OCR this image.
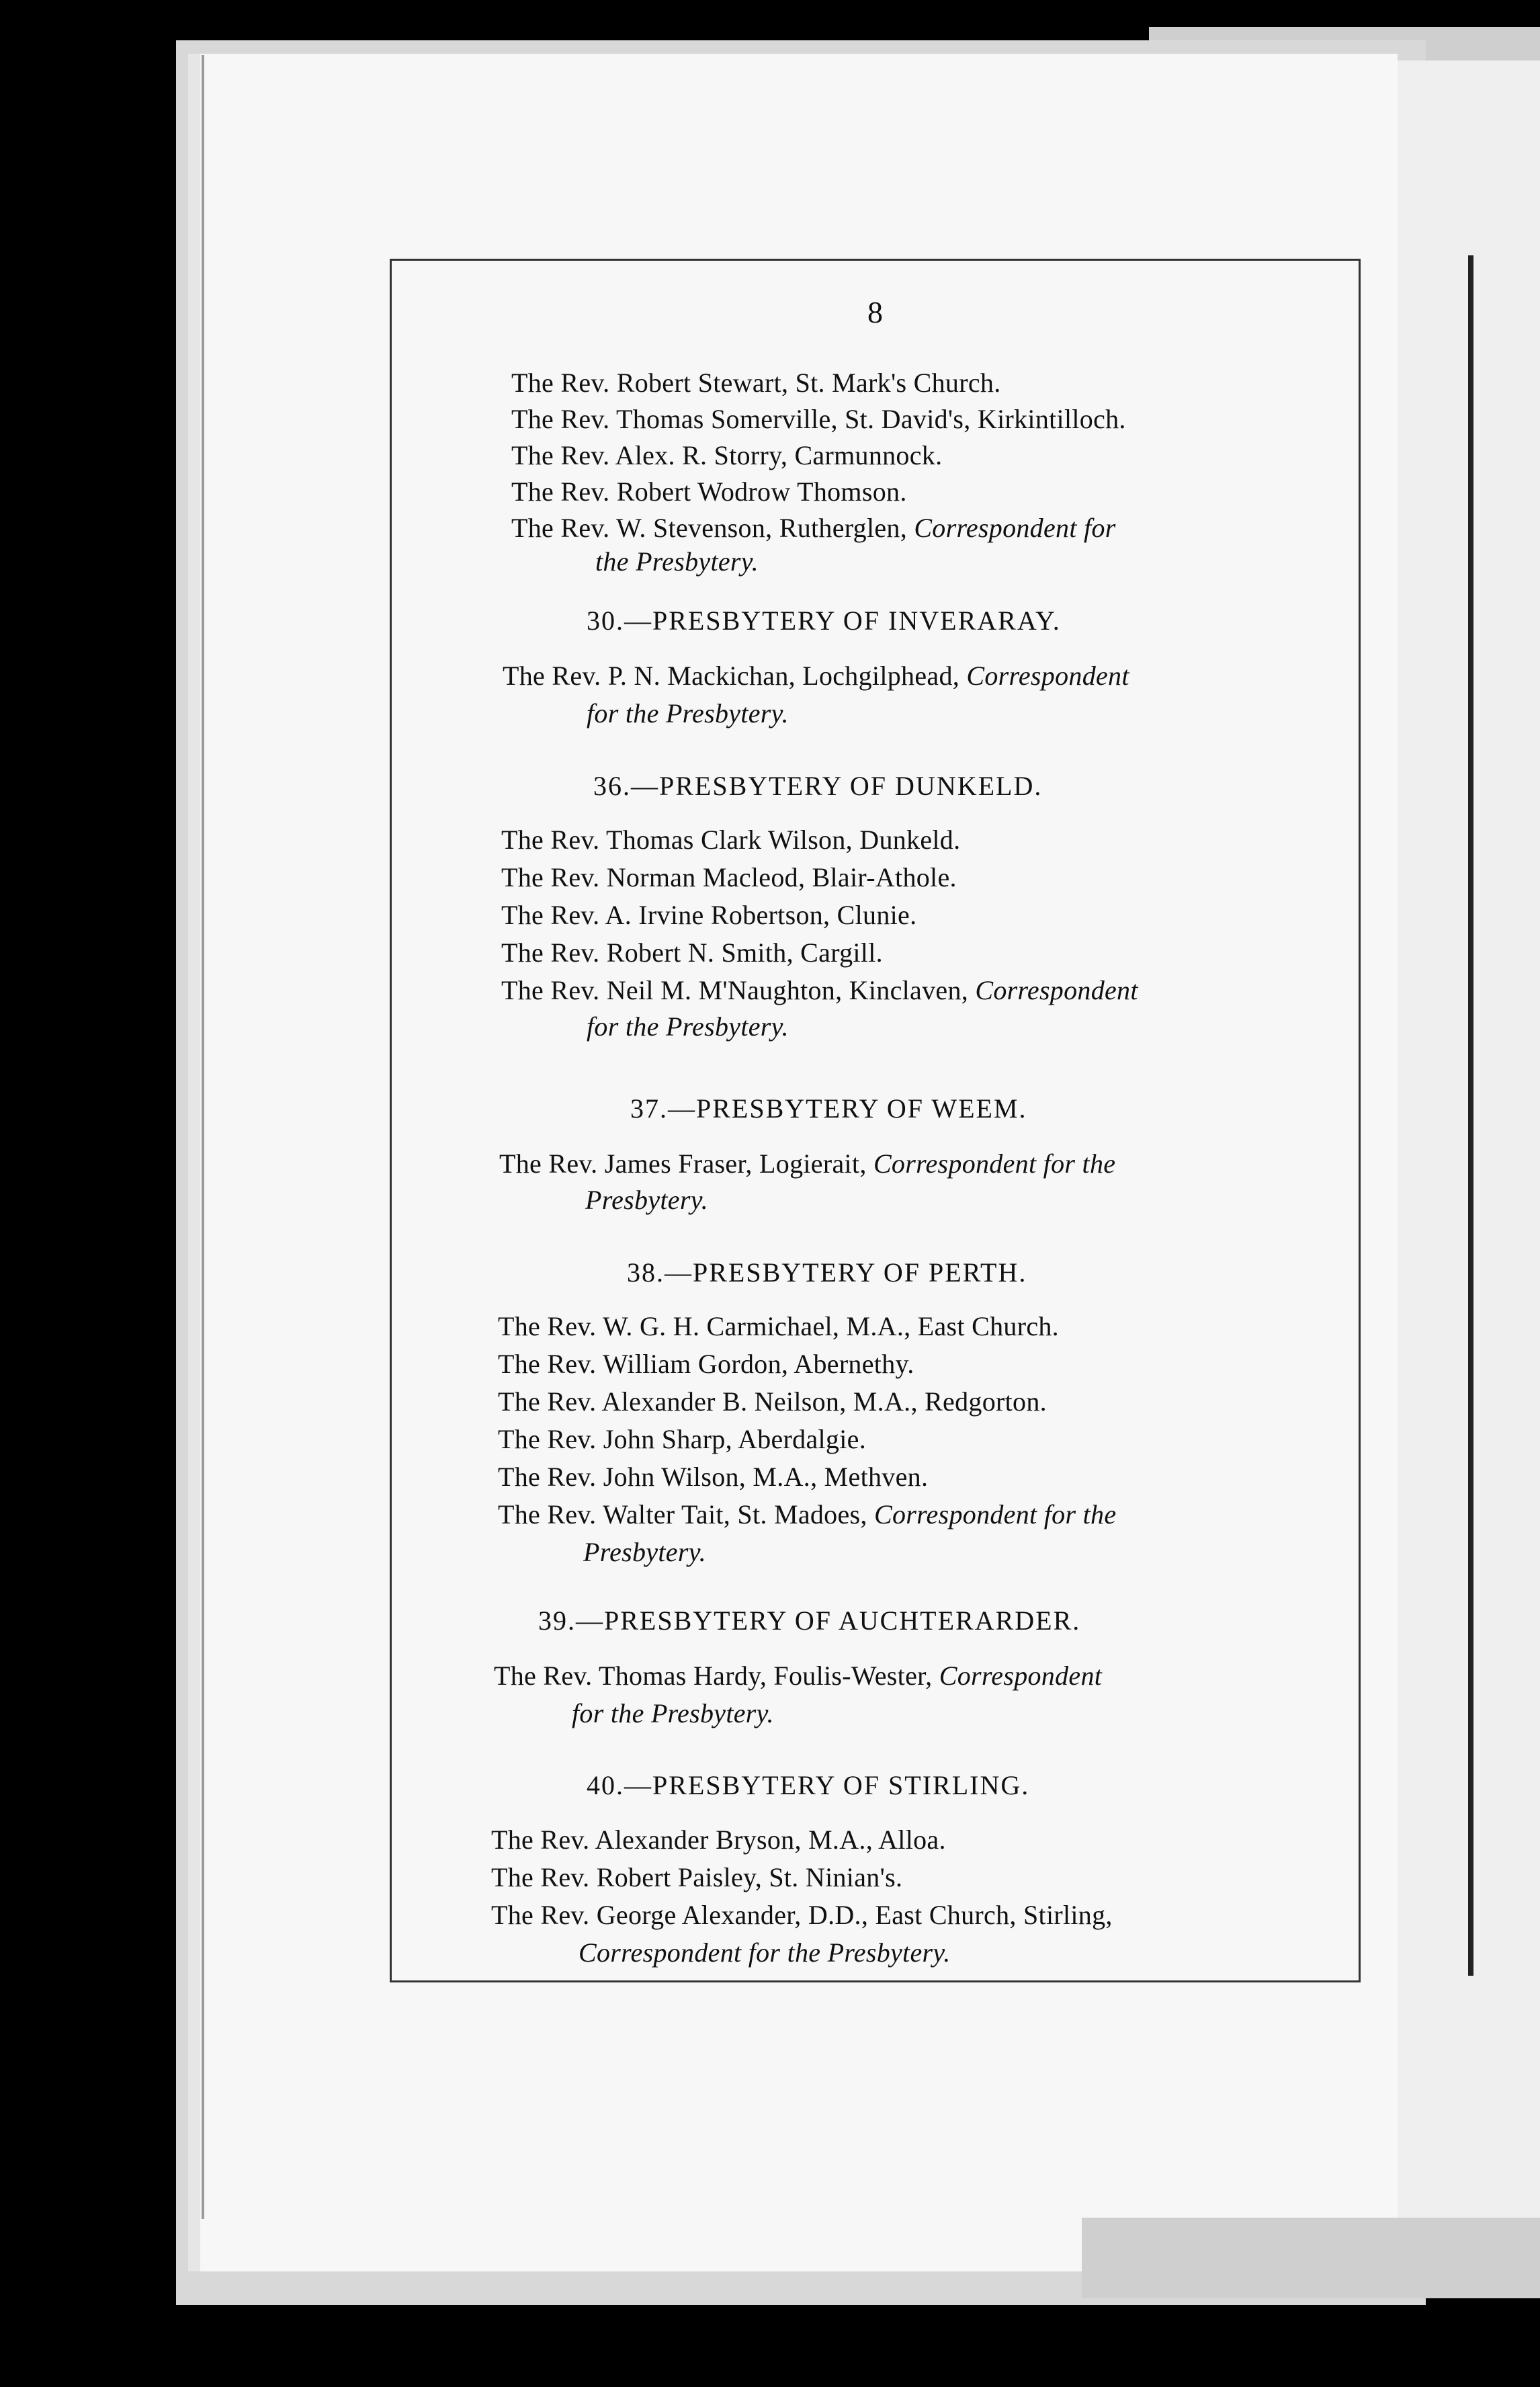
8
The Rev. Robert Stewart, St. Mark's Church.
The Rev. Thomas Somerville, St. David's, Kirkintilloch.
The Rev. Alex. R. Storry, Carmunnock.
The Rev. Robert Wodrow Thomson.
The Rev. W. Stevenson, Rutherglen, Correspondent for
the Presbytery.
30.—PRESBYTERY OF INVERARAY.
The Rev. P. N. Mackichan, Lochgilphead, Correspondent
for the Presbytery.
36.—PRESBYTERY OF DUNKELD.
The Rev. Thomas Clark Wilson, Dunkeld.
The Rev. Norman Macleod, Blair-Athole.
The Rev. A. Irvine Robertson, Clunie.
The Rev. Robert N. Smith, Cargill.
The Rev. Neil M. M'Naughton, Kinclaven, Correspondent
for the Presbytery.
37.—PRESBYTERY OF WEEM.
The Rev. James Fraser, Logierait, Correspondent for the
Presbytery.
38.—PRESBYTERY OF PERTH.
The Rev. W. G. H. Carmichael, M.A., East Church.
The Rev. William Gordon, Abernethy.
The Rev. Alexander B. Neilson, M.A., Redgorton.
The Rev. John Sharp, Aberdalgie.
The Rev. John Wilson, M.A., Methven.
The Rev. Walter Tait, St. Madoes, Correspondent for the
Presbytery.
39.—PRESBYTERY OF AUCHTERARDER.
The Rev. Thomas Hardy, Foulis-Wester, Correspondent
for the Presbytery.
40.—PRESBYTERY OF STIRLING.
The Rev. Alexander Bryson, M.A., Alloa.
The Rev. Robert Paisley, St. Ninian's.
The Rev. George Alexander, D.D., East Church, Stirling,
Correspondent for the Presbytery.
